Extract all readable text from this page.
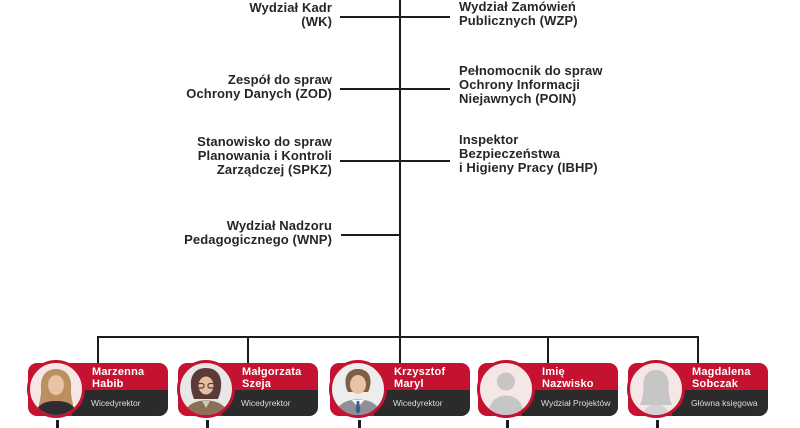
Wydział Kadr
(WK)
Zespół do spraw
Ochrony Danych (ZOD)
Stanowisko do spraw
Planowania i Kontroli
Zarządczej (SPKZ)
Wydział Nadzoru
Pedagogicznego (WNP)
Wydział Zamówień
Publicznych (WZP)
Pełnomocnik do spraw
Ochrony Informacji
Niejawnych (POIN)
Inspektor
Bezpieczeństwa
i Higieny Pracy (IBHP)
Marzenna
Habib
Wicedyrektor
Małgorzata
Szeja
Wicedyrektor
Krzysztof
Maryl
Wicedyrektor
Imię
Nazwisko
Wydział Projektów
Magdalena
Sobczak
Główna księgowa
